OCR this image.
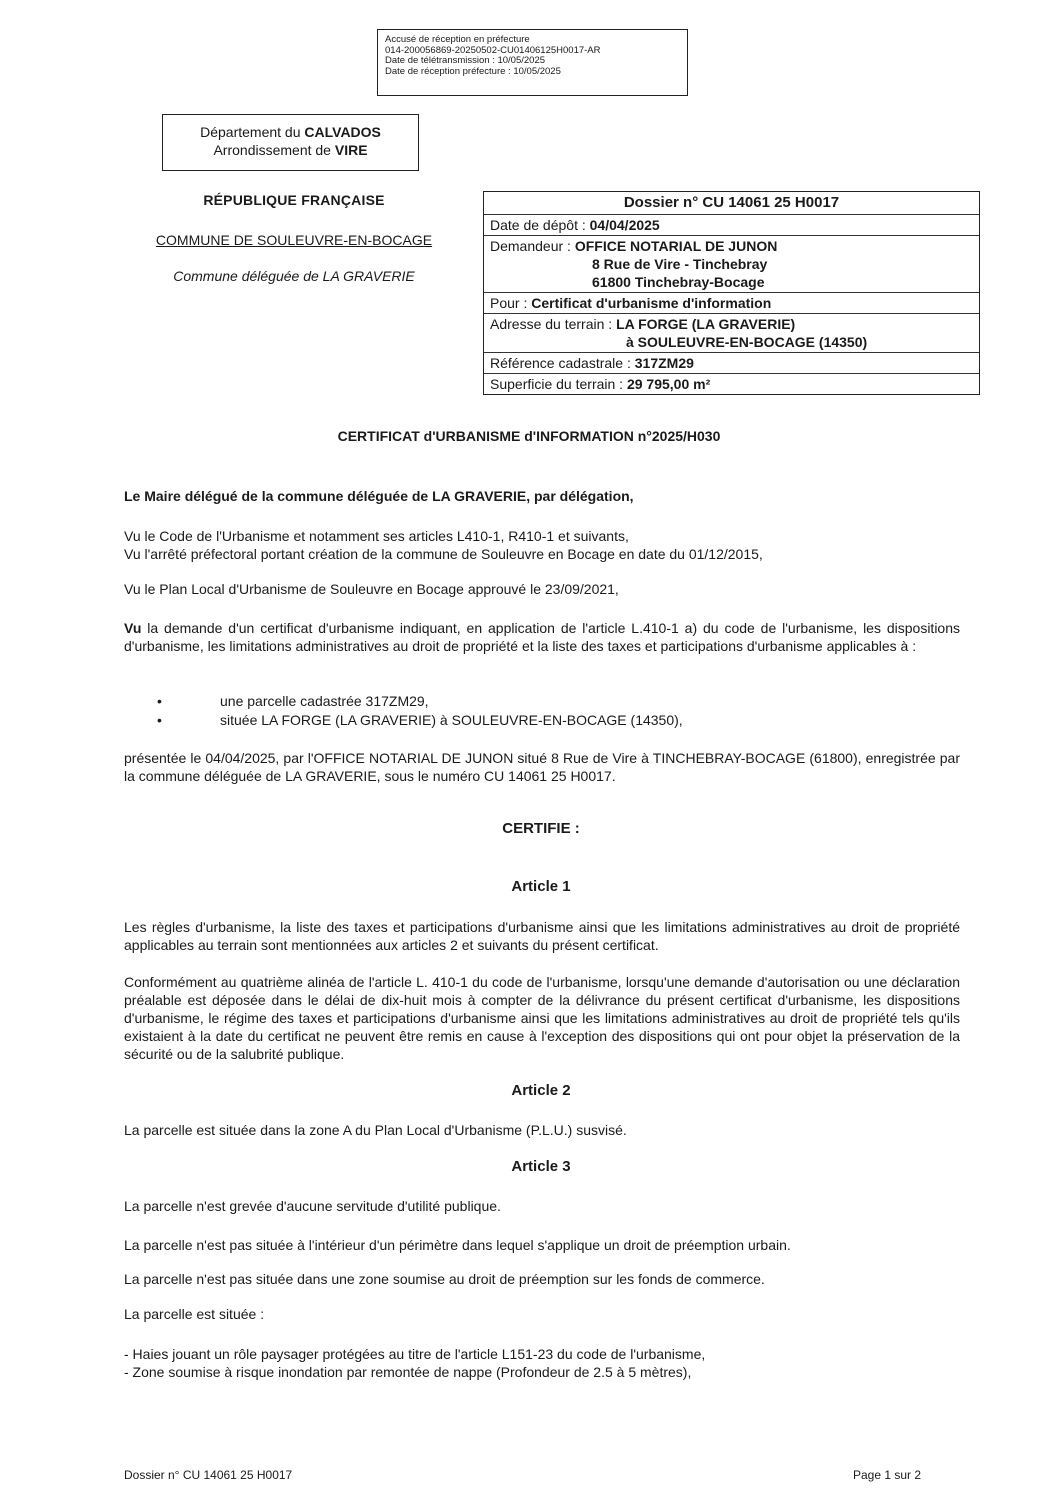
Accusé de réception en préfecture
014-200056869-20250502-CU01406125H0017-AR
Date de télétransmission : 10/05/2025
Date de réception préfecture : 10/05/2025
Département du CALVADOS
Arrondissement de VIRE
RÉPUBLIQUE FRANÇAISE
COMMUNE DE SOULEUVRE-EN-BOCAGE
Commune déléguée de LA GRAVERIE
Dossier n° CU 14061 25 H0017
Date de dépôt : 04/04/2025
Demandeur : OFFICE NOTARIAL DE JUNON
8 Rue de Vire - Tinchebray
61800 Tinchebray-Bocage
Pour : Certificat d'urbanisme d'information
Adresse du terrain : LA FORGE (LA GRAVERIE)
à SOULEUVRE-EN-BOCAGE (14350)
Référence cadastrale : 317ZM29
Superficie du terrain : 29 795,00 m²
CERTIFICAT d'URBANISME d'INFORMATION n°2025/H030
Le Maire délégué de la commune déléguée de LA GRAVERIE, par délégation,
Vu le Code de l'Urbanisme et notamment ses articles L410-1, R410-1 et suivants,
Vu l'arrêté préfectoral portant création de la commune de Souleuvre en Bocage en date du 01/12/2015,
Vu le Plan Local d'Urbanisme de Souleuvre en Bocage approuvé le 23/09/2021,
Vu la demande d'un certificat d'urbanisme indiquant, en application de l'article L.410-1 a) du code de l'urbanisme, les dispositions d'urbanisme, les limitations administratives au droit de propriété et la liste des taxes et participations d'urbanisme applicables à :
•	une parcelle cadastrée 317ZM29,
•	située LA FORGE (LA GRAVERIE) à SOULEUVRE-EN-BOCAGE (14350),
présentée le 04/04/2025, par l'OFFICE NOTARIAL DE JUNON situé 8 Rue de Vire à TINCHEBRAY-BOCAGE (61800), enregistrée par la commune déléguée de LA GRAVERIE, sous le numéro CU 14061 25 H0017.
CERTIFIE :
Article 1
Les règles d'urbanisme, la liste des taxes et participations d'urbanisme ainsi que les limitations administratives au droit de propriété applicables au terrain sont mentionnées aux articles 2 et suivants du présent certificat.
Conformément au quatrième alinéa de l'article L. 410-1 du code de l'urbanisme, lorsqu'une demande d'autorisation ou une déclaration préalable est déposée dans le délai de dix-huit mois à compter de la délivrance du présent certificat d'urbanisme, les dispositions d'urbanisme, le régime des taxes et participations d'urbanisme ainsi que les limitations administratives au droit de propriété tels qu'ils existaient à la date du certificat ne peuvent être remis en cause à l'exception des dispositions qui ont pour objet la préservation de la sécurité ou de la salubrité publique.
Article 2
La parcelle est située dans la zone A du Plan Local d'Urbanisme (P.L.U.) susvisé.
Article 3
La parcelle n'est grevée d'aucune servitude d'utilité publique.
La parcelle n'est pas située à l'intérieur d'un périmètre dans lequel s'applique un droit de préemption urbain.
La parcelle n'est pas située dans une zone soumise au droit de préemption sur les fonds de commerce.
La parcelle est située :
- Haies jouant un rôle paysager protégées au titre de l'article L151-23 du code de l'urbanisme,
- Zone soumise à risque inondation par remontée de nappe (Profondeur de 2.5 à 5 mètres),
Dossier n° CU 14061 25 H0017	Page 1 sur 2
